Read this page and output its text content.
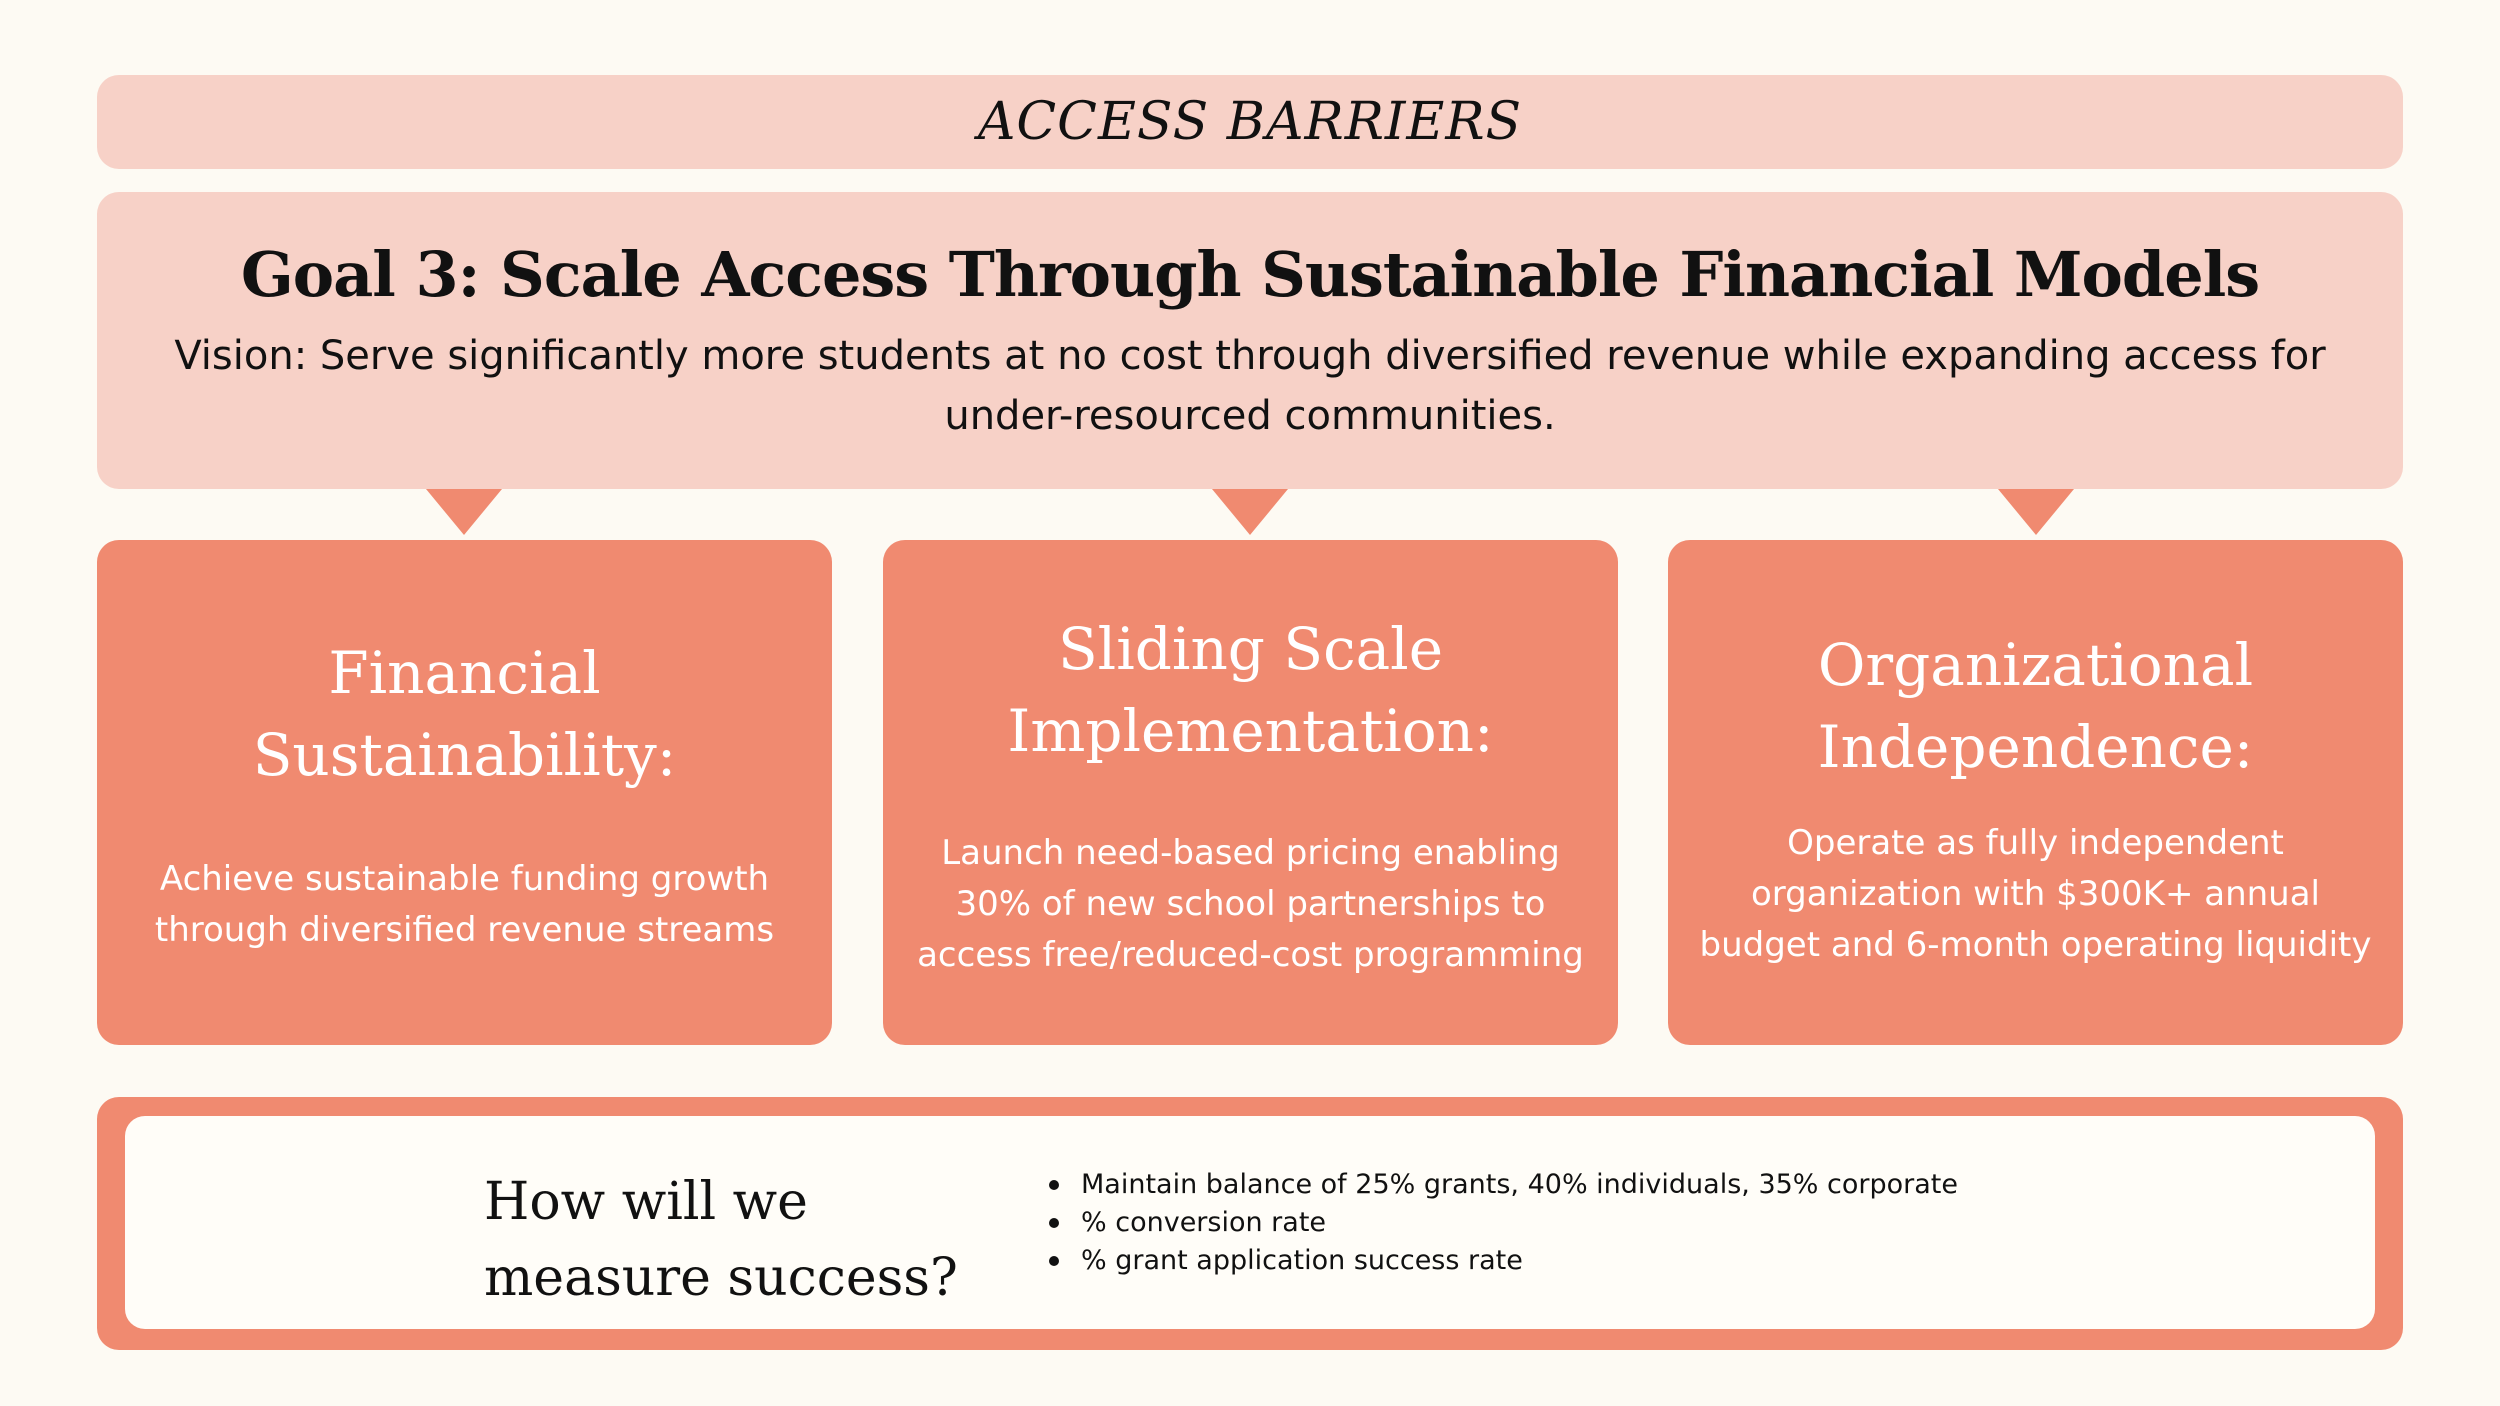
ACCESS BARRIERS
Goal 3: Scale Access Through Sustainable Financial Models
Vision: Serve significantly more students at no cost through diversified revenue while expanding access for under-resourced communities.
Financial Sustainability:
Achieve sustainable funding growth through diversified revenue streams
Sliding Scale Implementation:
Launch need-based pricing enabling 30% of new school partnerships to access free/reduced-cost programming
Organizational Independence:
Operate as fully independent organization with $300K+ annual budget and 6-month operating liquidity
How will we measure success?
Maintain balance of 25% grants, 40% individuals, 35% corporate
% conversion rate
% grant application success rate
